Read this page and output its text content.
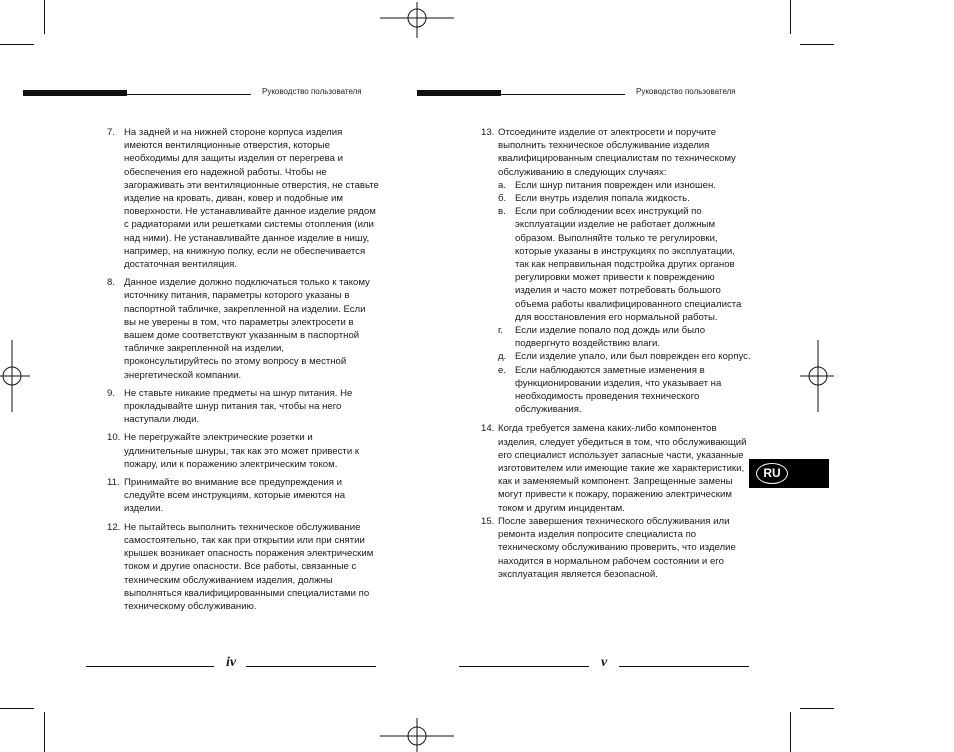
Руководство пользователя	Руководство пользователя
7. На задней и на нижней стороне корпуса изделия имеются вентиляционные отверстия, которые необходимы для защиты изделия от перегрева и обеспечения его надежной работы. Чтобы не загораживать эти вентиляционные отверстия, не ставьте изделие на кровать, диван, ковер и подобные им поверхности. Не устанавливайте данное изделие рядом с радиаторами или решетками системы отопления (или над ними). Не устанавливайте данное изделие в нишу, например, на книжную полку, если не обеспечивается достаточная вентиляция.
8. Данное изделие должно подключаться только к такому источнику питания, параметры которого указаны в паспортной табличке, закрепленной на изделии. Если вы не уверены в том, что параметры электросети в вашем доме соответствуют указанным в паспортной табличке закрепленной на изделии, проконсультируйтесь по этому вопросу в местной энергетической компании.
9. Не ставьте никакие предметы на шнур питания. Не прокладывайте шнур питания так, чтобы на него наступали люди.
10. Не перегружайте электрические розетки и удлинительные шнуры, так как это может привести к пожару, или к поражению электрическим током.
11. Принимайте во внимание все предупреждения и следуйте всем инструкциям, которые имеются на изделии.
12. Не пытайтесь выполнить техническое обслуживание самостоятельно, так как при открытии или при снятии крышек возникает опасность поражения электрическим током и другие опасности. Все работы, связанные с техническим обслуживанием изделия, должны выполняться квалифицированными специалистами по техническому обслуживанию.
13. Отсоедините изделие от электросети и поручите выполнить техническое обслуживание изделия квалифицированным специалистам по техническому обслуживанию в следующих случаях:
а. Если шнур питания поврежден или изношен.
б. Если внутрь изделия попала жидкость.
в. Если при соблюдении всех инструкций по эксплуатации изделие не работает должным образом. Выполняйте только те регулировки, которые указаны в инструкциях по эксплуатации, так как неправильная подстройка других органов регулировки может привести к повреждению изделия и часто может потребовать большого объема работы квалифицированного специалиста для восстановления его нормальной работы.
г. Если изделие попало под дождь или было подвергнуто воздействию влаги.
д. Если изделие упало, или был поврежден его корпус.
е. Если наблюдаются заметные изменения в функционировании изделия, что указывает на необходимость проведения технического обслуживания.
14. Когда требуется замена каких-либо компонентов изделия, следует убедиться в том, что обслуживающий его специалист использует запасные части, указанные изготовителем или имеющие такие же характеристики, как и заменяемый компонент. Запрещенные замены могут привести к пожару, поражению электрическим током и другим инцидентам.
15. После завершения технического обслуживания или ремонта изделия попросите специалиста по техническому обслуживанию проверить, что изделие находится в нормальном рабочем состоянии и его эксплуатация является безопасной.
RU
iv	v
